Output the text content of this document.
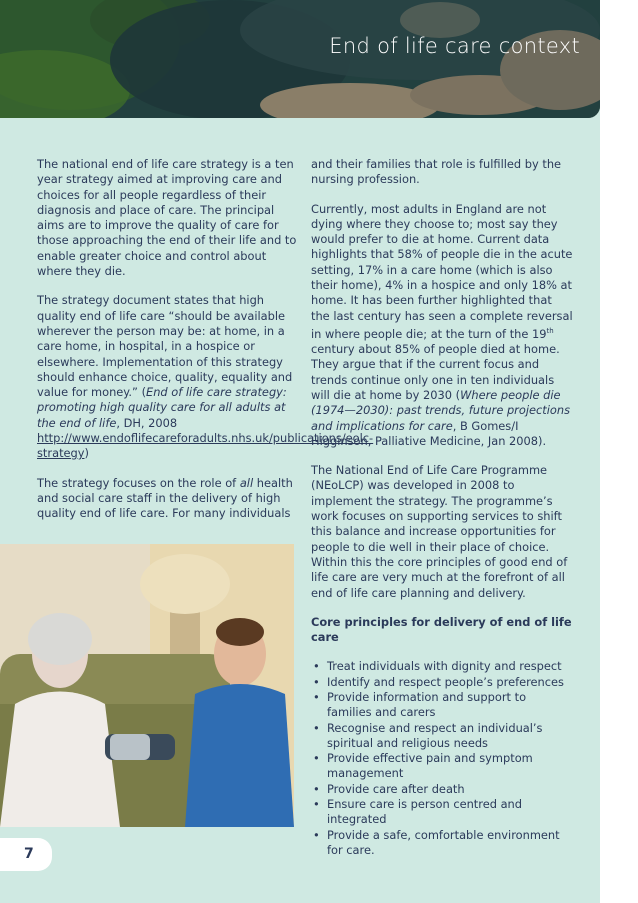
End of life care context

The national end of life care strategy is a ten year strategy aimed at improving care and choices for all people regardless of their diagnosis and place of care. The principal aims are to improve the quality of care for those approaching the end of their life and to enable greater choice and control about where they die.

The strategy document states that high quality end of life care “should be available wherever the person may be: at home, in a care home, in hospital, in a hospice or elsewhere. Implementation of this strategy should enhance choice, quality, equality and value for money.” (End of life care strategy: promoting high quality care for all adults at the end of life, DH, 2008 http://www.endoflifecareforadults.nhs.uk/publications/eolc-strategy)

The strategy focuses on the role of all health and social care staff in the delivery of high quality end of life care. For many individuals

and their families that role is fulfilled by the nursing profession.

Currently, most adults in England are not dying where they choose to; most say they would prefer to die at home. Current data highlights that 58% of people die in the acute setting, 17% in a care home (which is also their home), 4% in a hospice and only 18% at home. It has been further highlighted that the last century has seen a complete reversal in where people die; at the turn of the 19th century about 85% of people died at home. They argue that if the current focus and trends continue only one in ten individuals will die at home by 2030 (Where people die (1974—2030): past trends, future projections and implications for care, B Gomes/I Higginson, Palliative Medicine, Jan 2008).

The National End of Life Care Programme (NEoLCP) was developed in 2008 to implement the strategy. The programme’s work focuses on supporting services to shift this balance and increase opportunities for people to die well in their place of choice. Within this the core principles of good end of life care are very much at the forefront of all end of life care planning and delivery.

Core principles for delivery of end of life care
• Treat individuals with dignity and respect
• Identify and respect people’s preferences
• Provide information and support to families and carers
• Recognise and respect an individual’s spiritual and religious needs
• Provide effective pain and symptom management
• Provide care after death
• Ensure care is person centred and integrated
• Provide a safe, comfortable environment for care.
7
